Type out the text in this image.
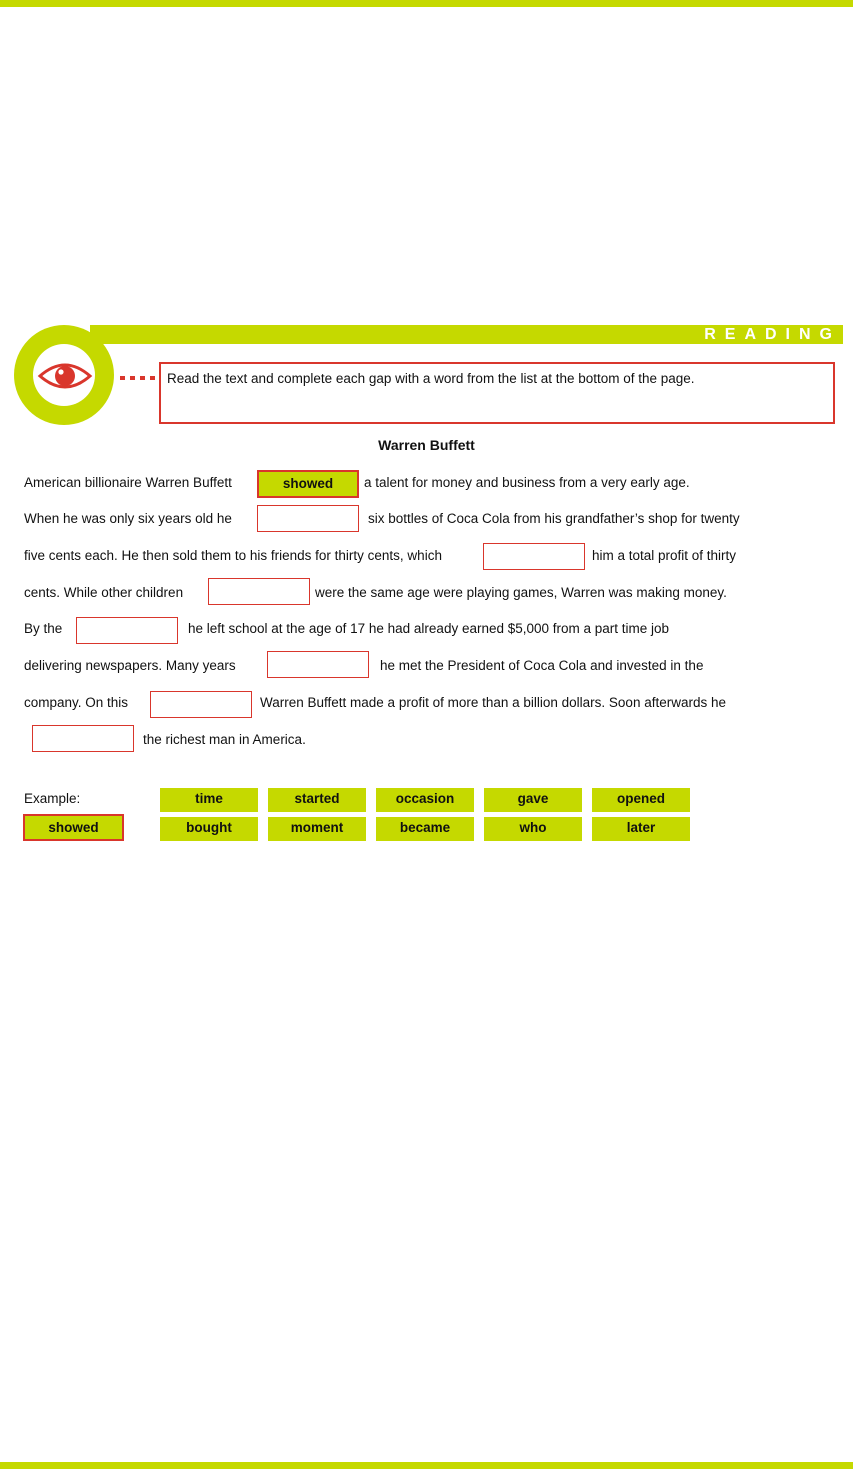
READING
Read the text and complete each gap with a word from the list at the bottom of the page.
Warren Buffett
American billionaire Warren Buffett	showed	a talent for money and business from a very early age.
When he was only six years old he	six bottles of Coca Cola from his grandfather’s shop for twenty
five cents each. He then sold them to his friends for thirty cents, which	him a total profit of thirty
cents. While other children	were the same age were playing games, Warren was making money.
By the	he left school at the age of 17 he had already earned $5,000 from a part time job
delivering newspapers. Many years	he met the President of Coca Cola and invested in the
company. On this	Warren Buffett made a profit of more than a billion dollars. Soon afterwards he
the richest man in America.
Example:
showed
time	started	occasion	gave	opened
bought	moment	became	who	later
